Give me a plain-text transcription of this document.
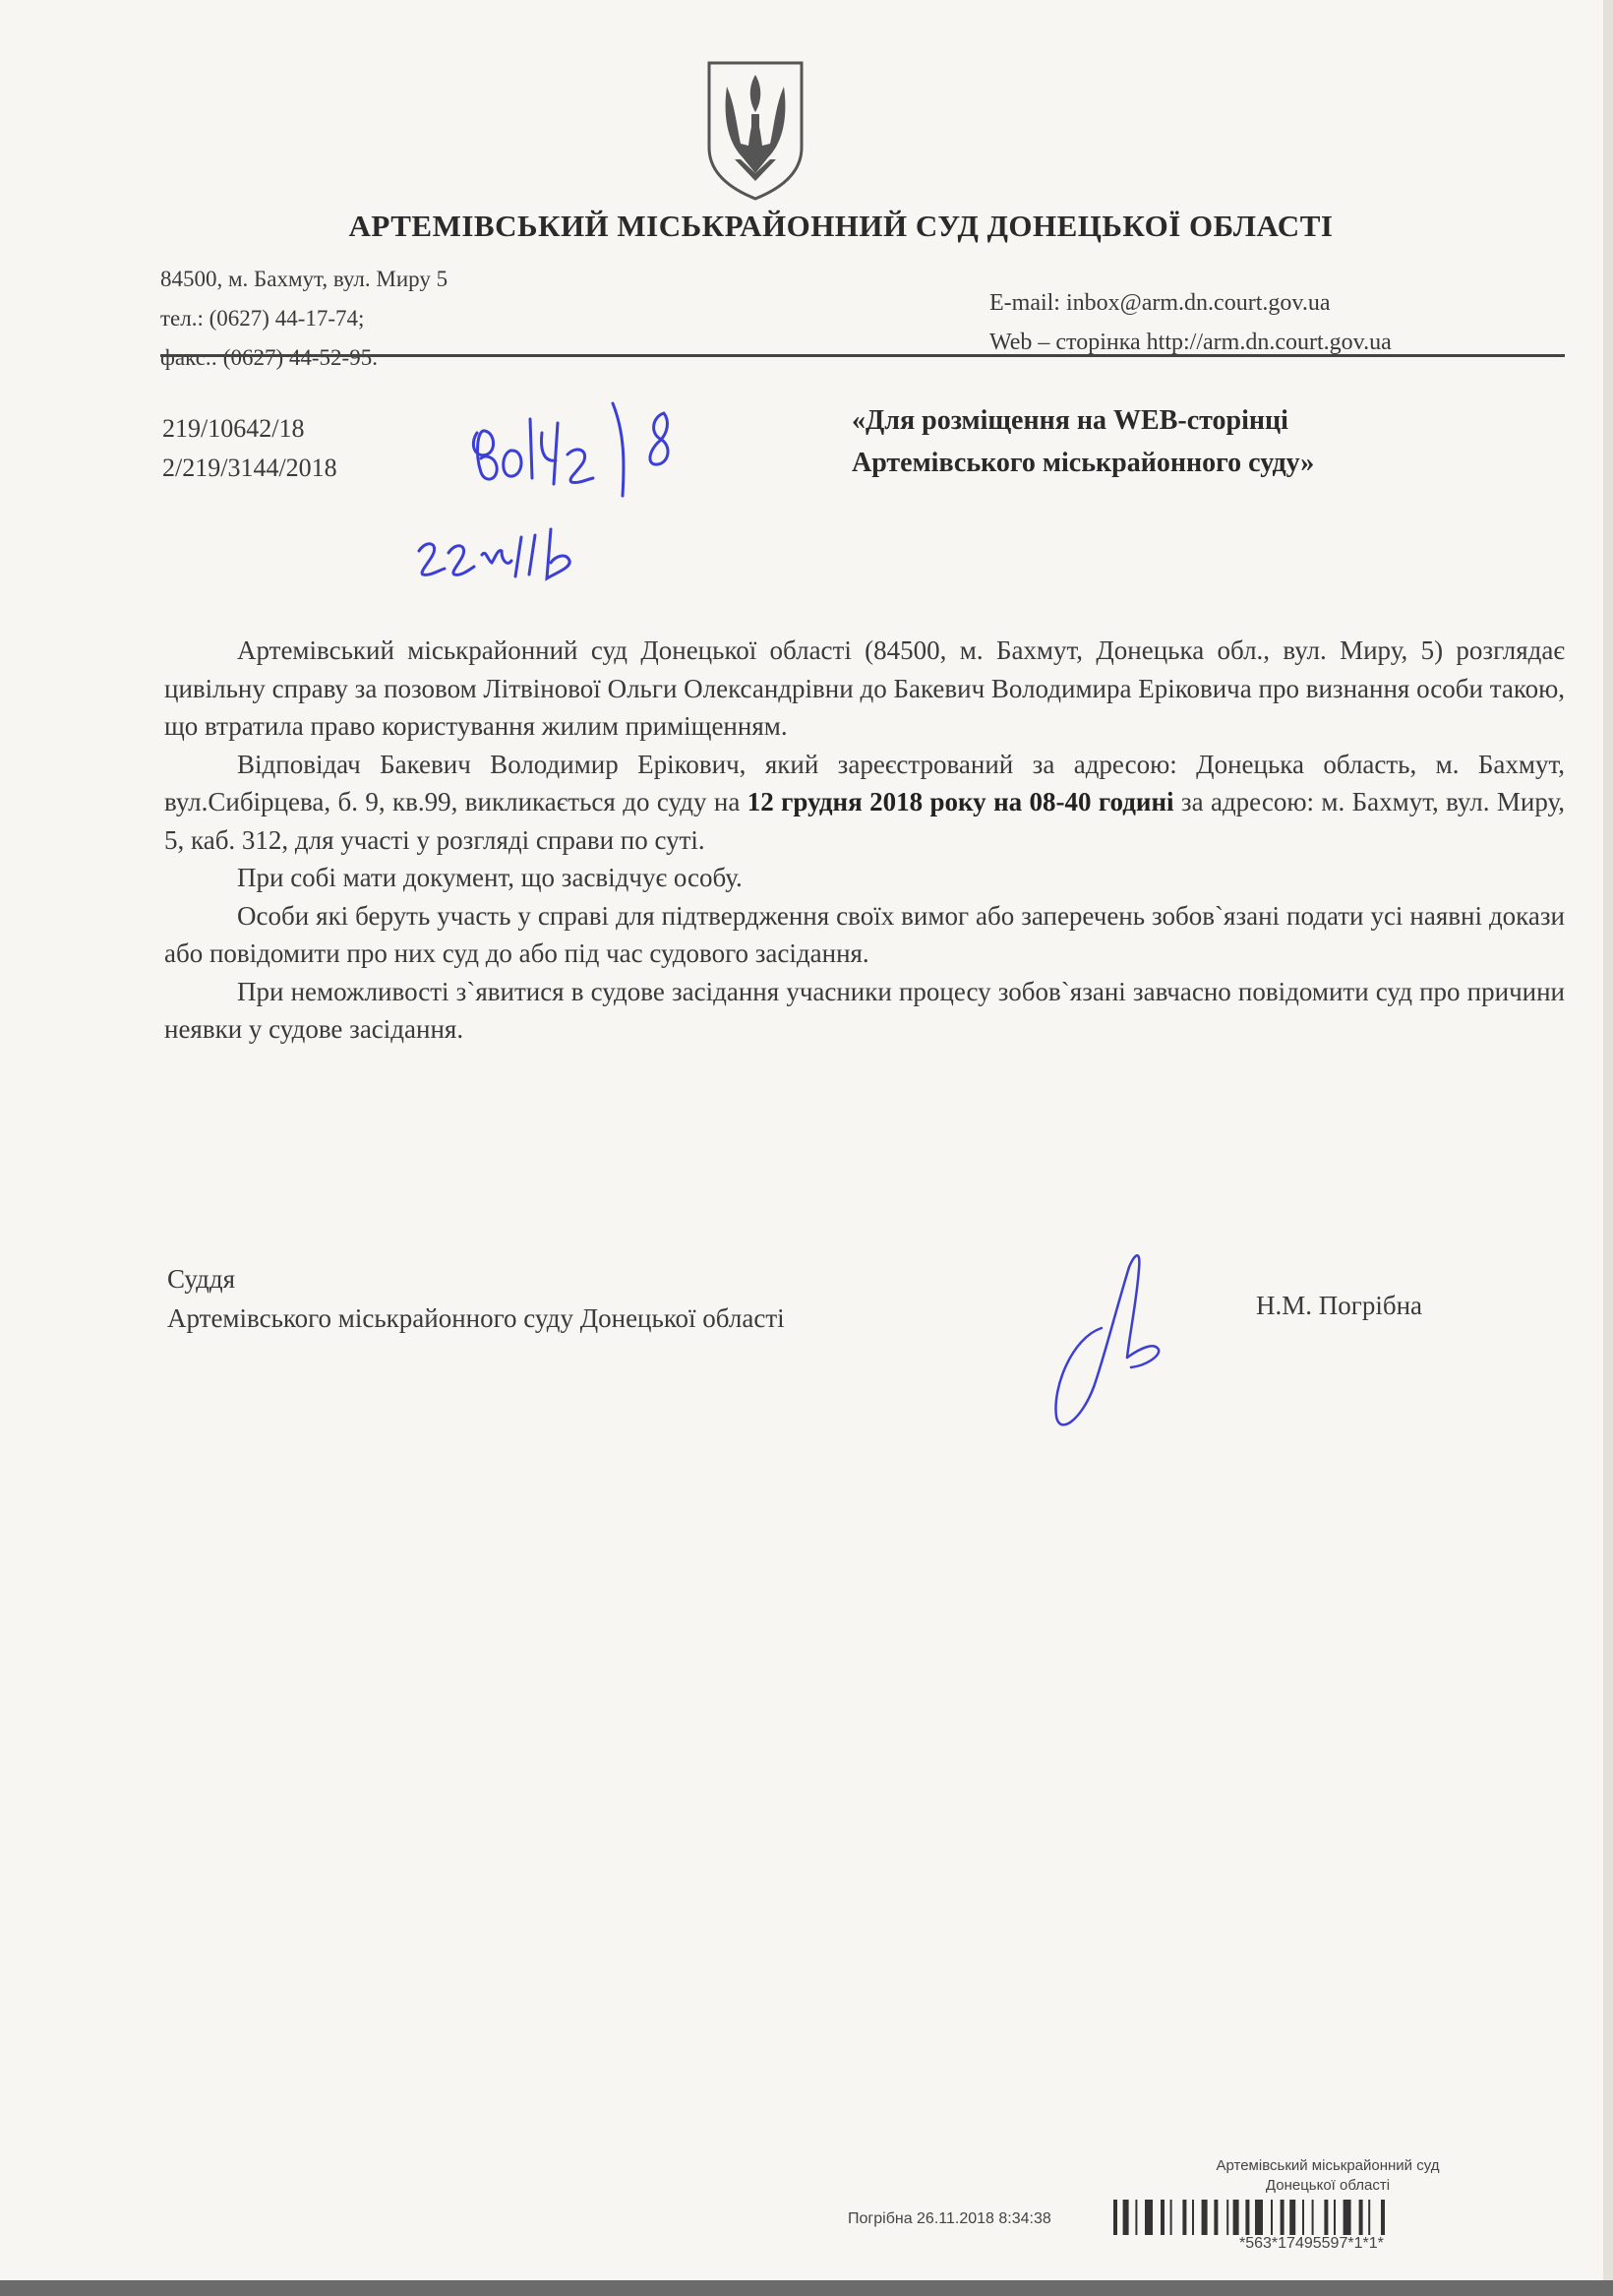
АРТЕМІВСЬКИЙ МІСЬКРАЙОННИЙ СУД ДОНЕЦЬКОЇ ОБЛАСТІ
84500, м. Бахмут, вул. Миру 5
тел.: (0627) 44-17-74;
факс.: (0627) 44-52-95.
E-mail: inbox@arm.dn.court.gov.ua
Web – сторінка http://arm.dn.court.gov.ua
219/10642/18
2/219/3144/2018
«Для розміщення на WEB-сторінці
Артемівського міськрайонного суду»

Артемівський міськрайонний суд Донецької області (84500, м. Бахмут, Донецька обл., вул. Миру, 5) розглядає цивільну справу за позовом Літвінової Ольги Олександрівни до Бакевич Володимира Еріковича про визнання особи такою, що втратила право користування жилим приміщенням.

Відповідач Бакевич Володимир Ерікович, який зареєстрований за адресою: Донецька область, м. Бахмут, вул.Сибірцева, б. 9, кв.99, викликається до суду на 12 грудня 2018 року на 08-40 годині за адресою: м. Бахмут, вул. Миру, 5, каб. 312, для участі у розгляді справи по суті.

При собі мати документ, що засвідчує особу.

Особи які беруть участь у справі для підтвердження своїх вимог або заперечень зобов`язані подати усі наявні докази або повідомити про них суд до або під час судового засідання.

При неможливості з`явитися в судове засідання учасники процесу зобов`язані завчасно повідомити суд про причини неявки у судове засідання.

Суддя
Артемівського міськрайонного суду Донецької області	Н.М. Погрібна
Артемівський міськрайонний суд
Донецької області
Погрібна 26.11.2018 8:34:38
*563*17495597*1*1*
